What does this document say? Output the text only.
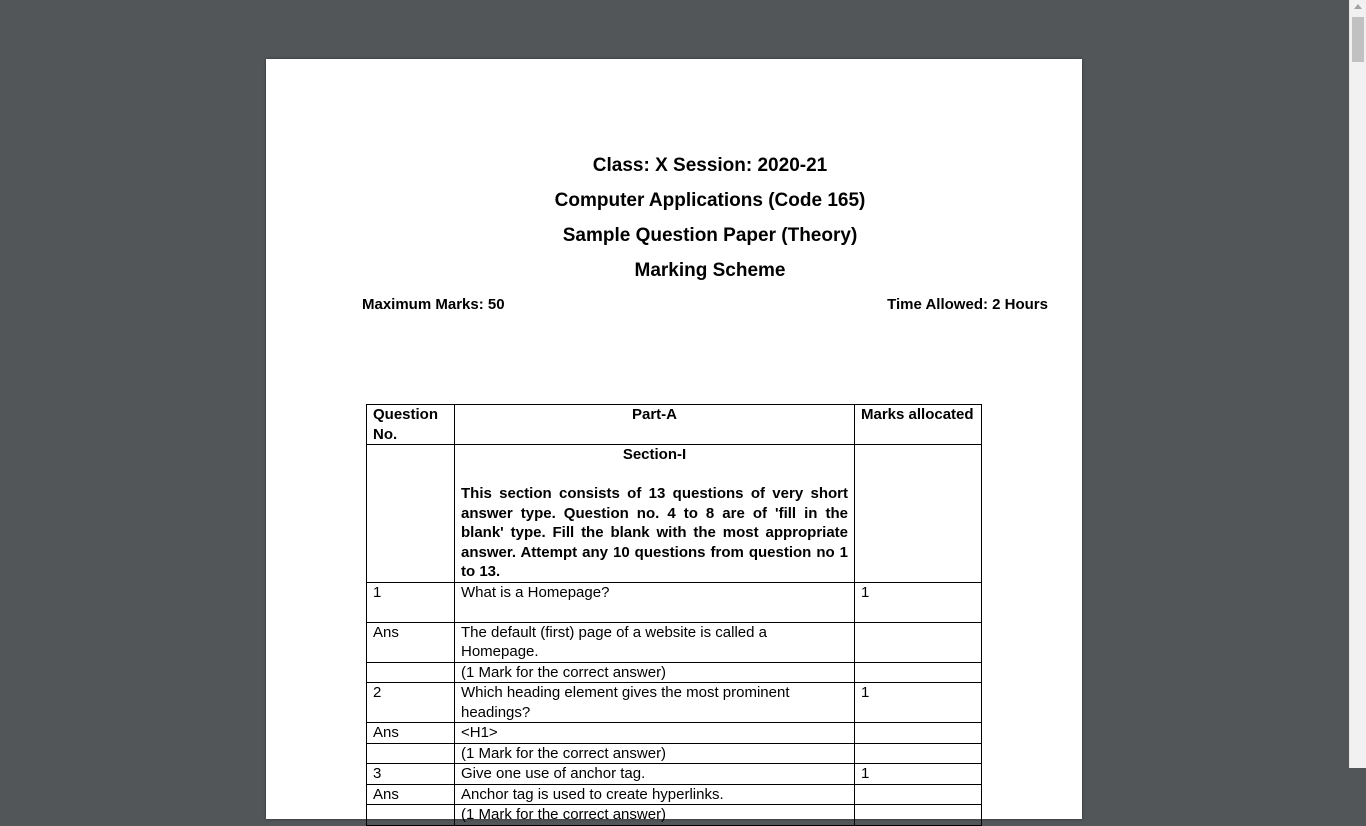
Class: X Session: 2020-21
Computer Applications (Code 165)
Sample Question Paper (Theory)
Marking Scheme
Maximum Marks: 50	Time Allowed: 2 Hours
Question No.	Part-A	Marks allocated

	Section-I
This section consists of 13 questions of very short answer type. Question no. 4 to 8 are of 'fill in the blank' type. Fill the blank with the most appropriate answer. Attempt any 10 questions from question no 1 to 13.	

1	What is a Homepage?	1
Ans	The default (first) page of a website is called a Homepage.	
	(1 Mark for the correct answer)	
2	Which heading element gives the most prominent headings?	1
Ans	<H1>	
	(1 Mark for the correct answer)	
3	Give one use of anchor tag.	1
Ans	Anchor tag is used to create hyperlinks.	
	(1 Mark for the correct answer)	
